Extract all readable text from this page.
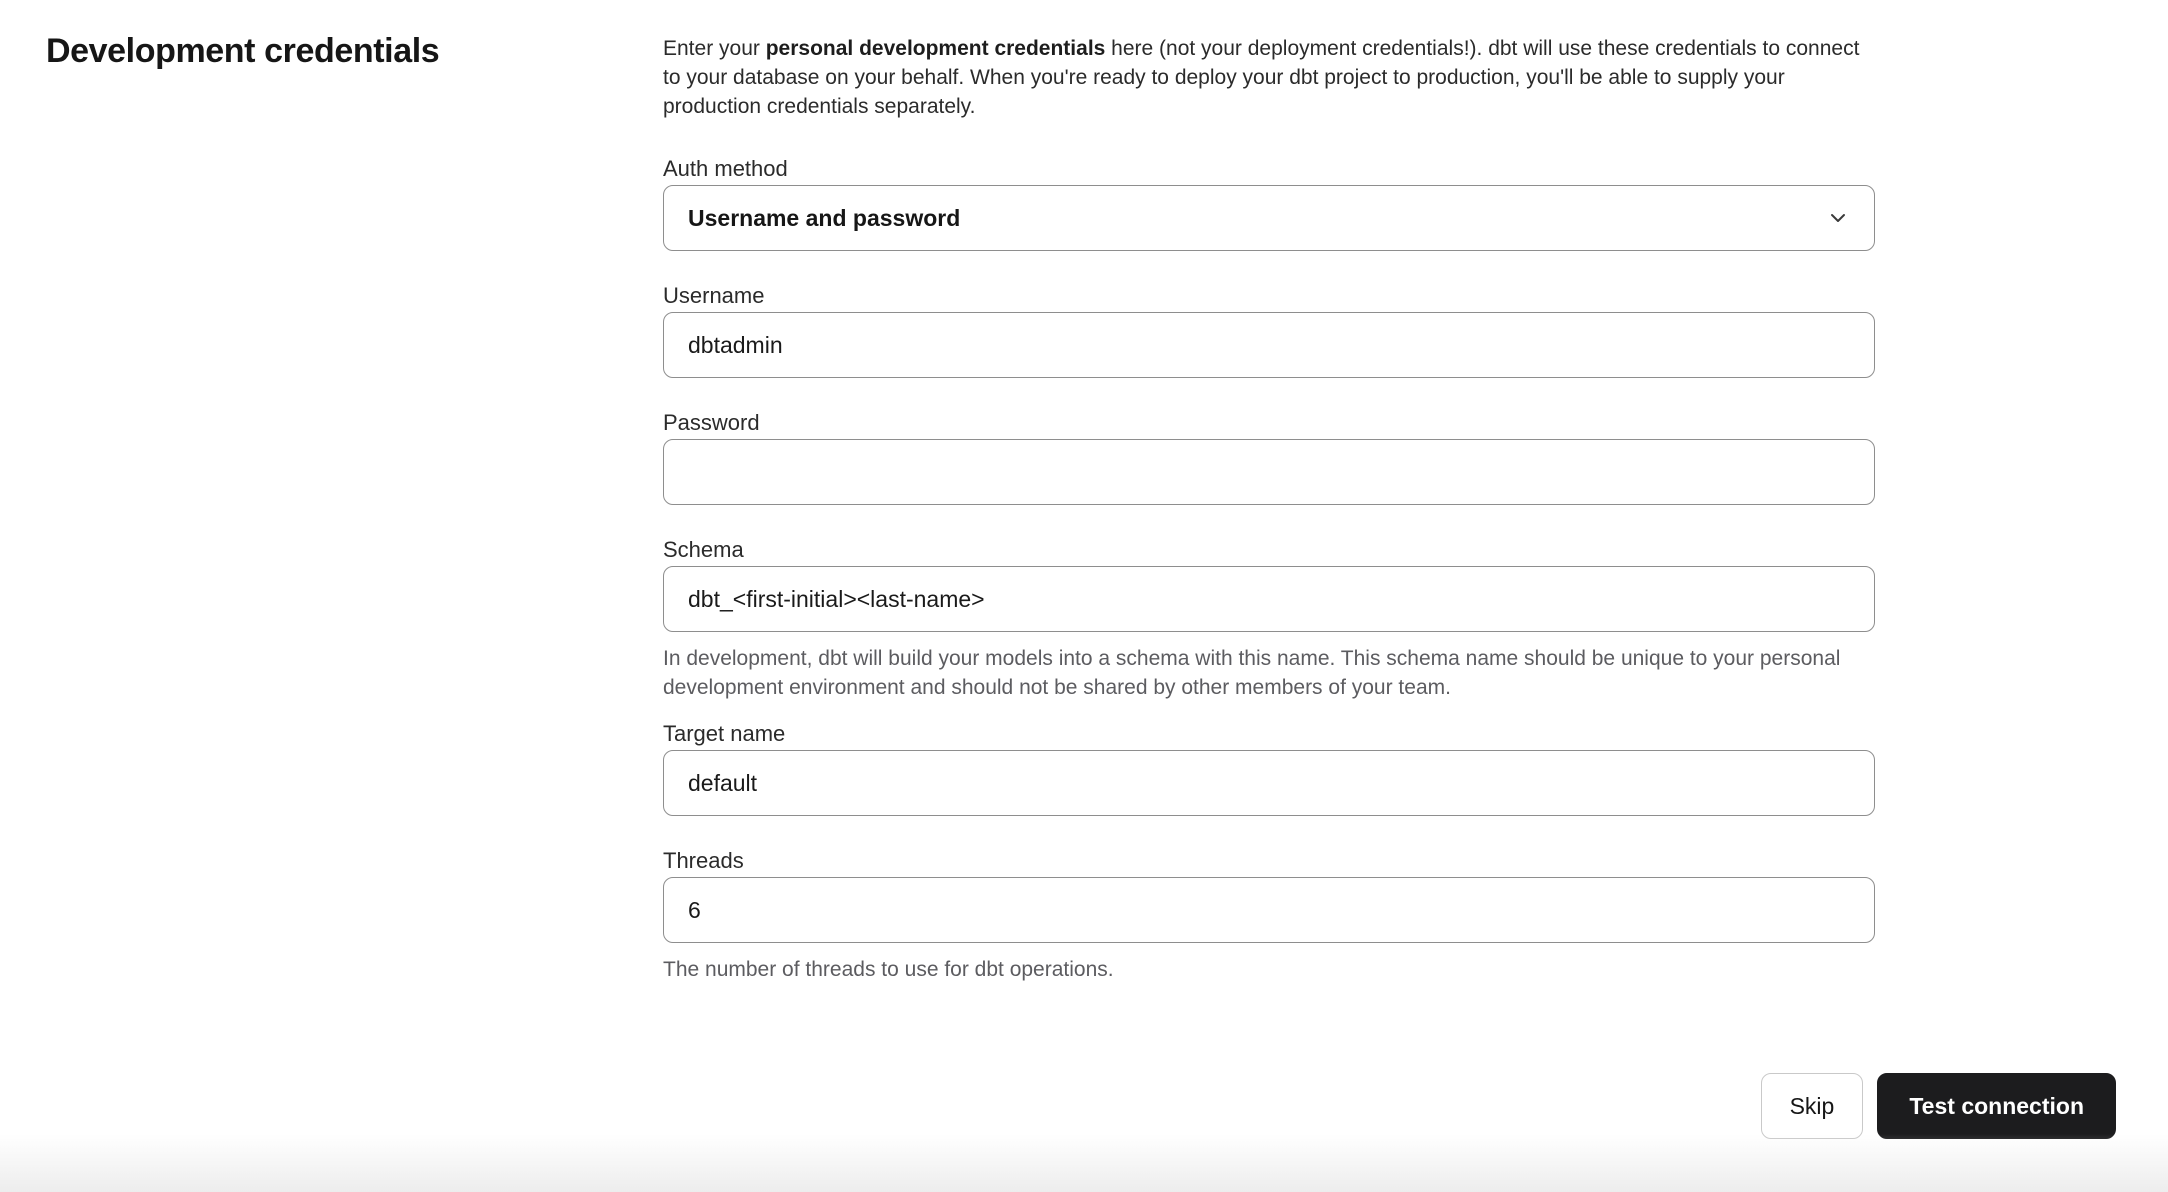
Development credentials	Enter your personal development credentials here (not your deployment credentials!). dbt will use these credentials to connect to your database on your behalf. When you're ready to deploy your dbt project to production, you'll be able to supply your production credentials separately.

Auth method
Username and password
Username
dbtadmin
Password
Schema
dbt_<first-initial><last-name>
In development, dbt will build your models into a schema with this name. This schema name should be unique to your personal development environment and should not be shared by other members of your team.
Target name
default
Threads
6
The number of threads to use for dbt operations.
Skip	Test connection
